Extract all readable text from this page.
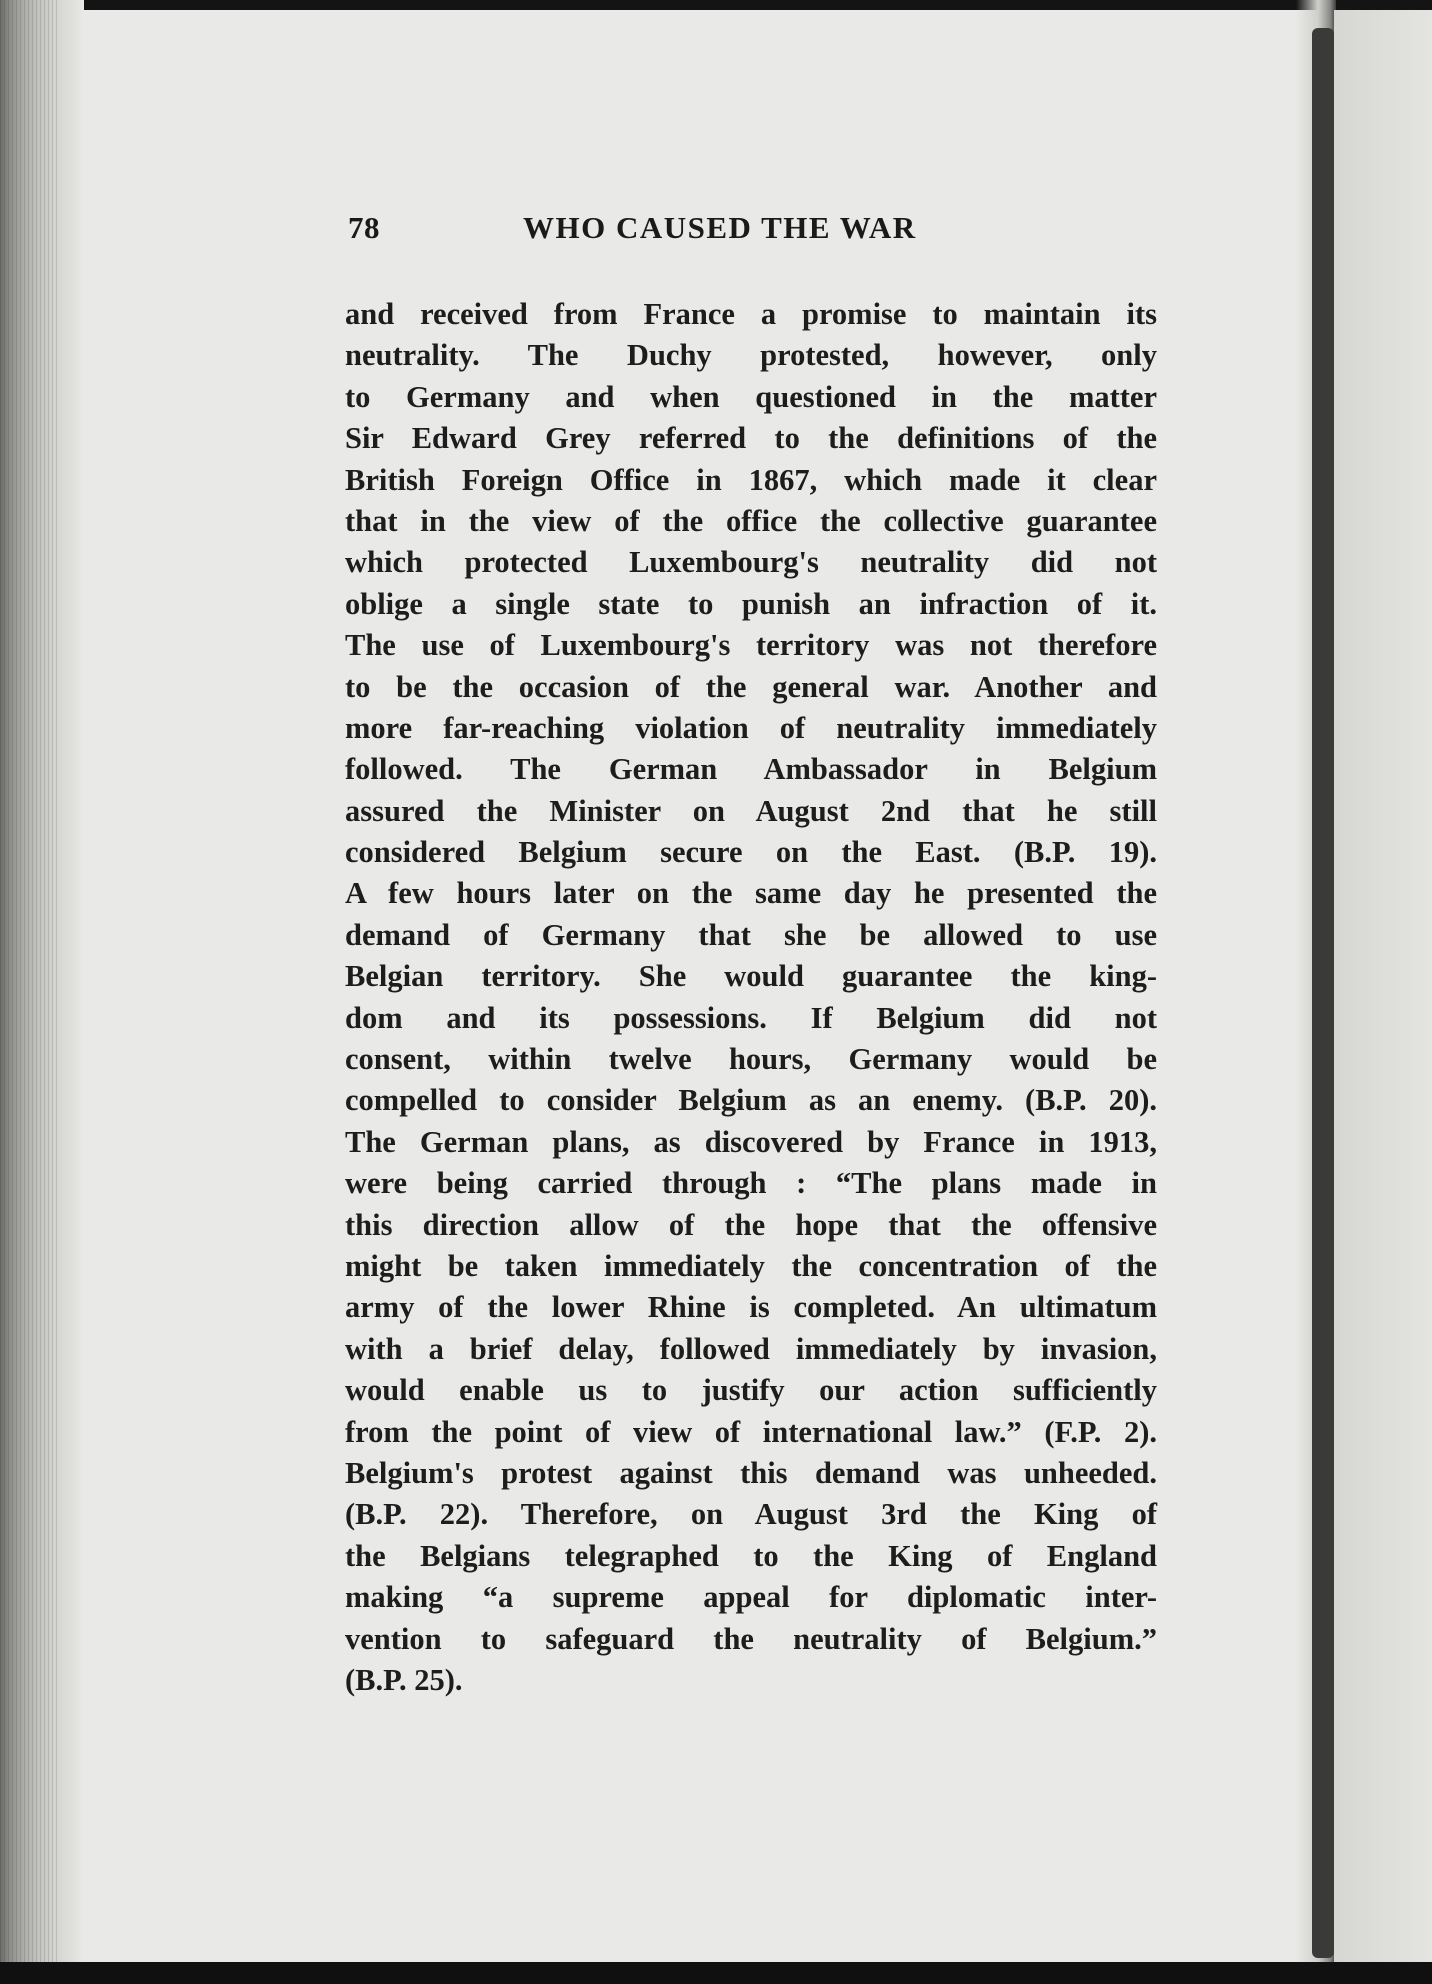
78	WHO CAUSED THE WAR
and received from France a promise to maintain its
neutrality. The Duchy protested, however, only
to Germany and when questioned in the matter
Sir Edward Grey referred to the definitions of the
British Foreign Office in 1867, which made it clear
that in the view of the office the collective guarantee
which protected Luxembourg's neutrality did not
oblige a single state to punish an infraction of it.
The use of Luxembourg's territory was not therefore
to be the occasion of the general war. Another and
more far-reaching violation of neutrality immediately
followed. The German Ambassador in Belgium
assured the Minister on August 2nd that he still
considered Belgium secure on the East. (B.P. 19).
A few hours later on the same day he presented the
demand of Germany that she be allowed to use
Belgian territory. She would guarantee the king-
dom and its possessions. If Belgium did not
consent, within twelve hours, Germany would be
compelled to consider Belgium as an enemy. (B.P. 20).
The German plans, as discovered by France in 1913,
were being carried through : “The plans made in
this direction allow of the hope that the offensive
might be taken immediately the concentration of the
army of the lower Rhine is completed. An ultimatum
with a brief delay, followed immediately by invasion,
would enable us to justify our action sufficiently
from the point of view of international law.” (F.P. 2).
Belgium's protest against this demand was unheeded.
(B.P. 22). Therefore, on August 3rd the King of
the Belgians telegraphed to the King of England
making “a supreme appeal for diplomatic inter-
vention to safeguard the neutrality of Belgium.”
(B.P. 25).
